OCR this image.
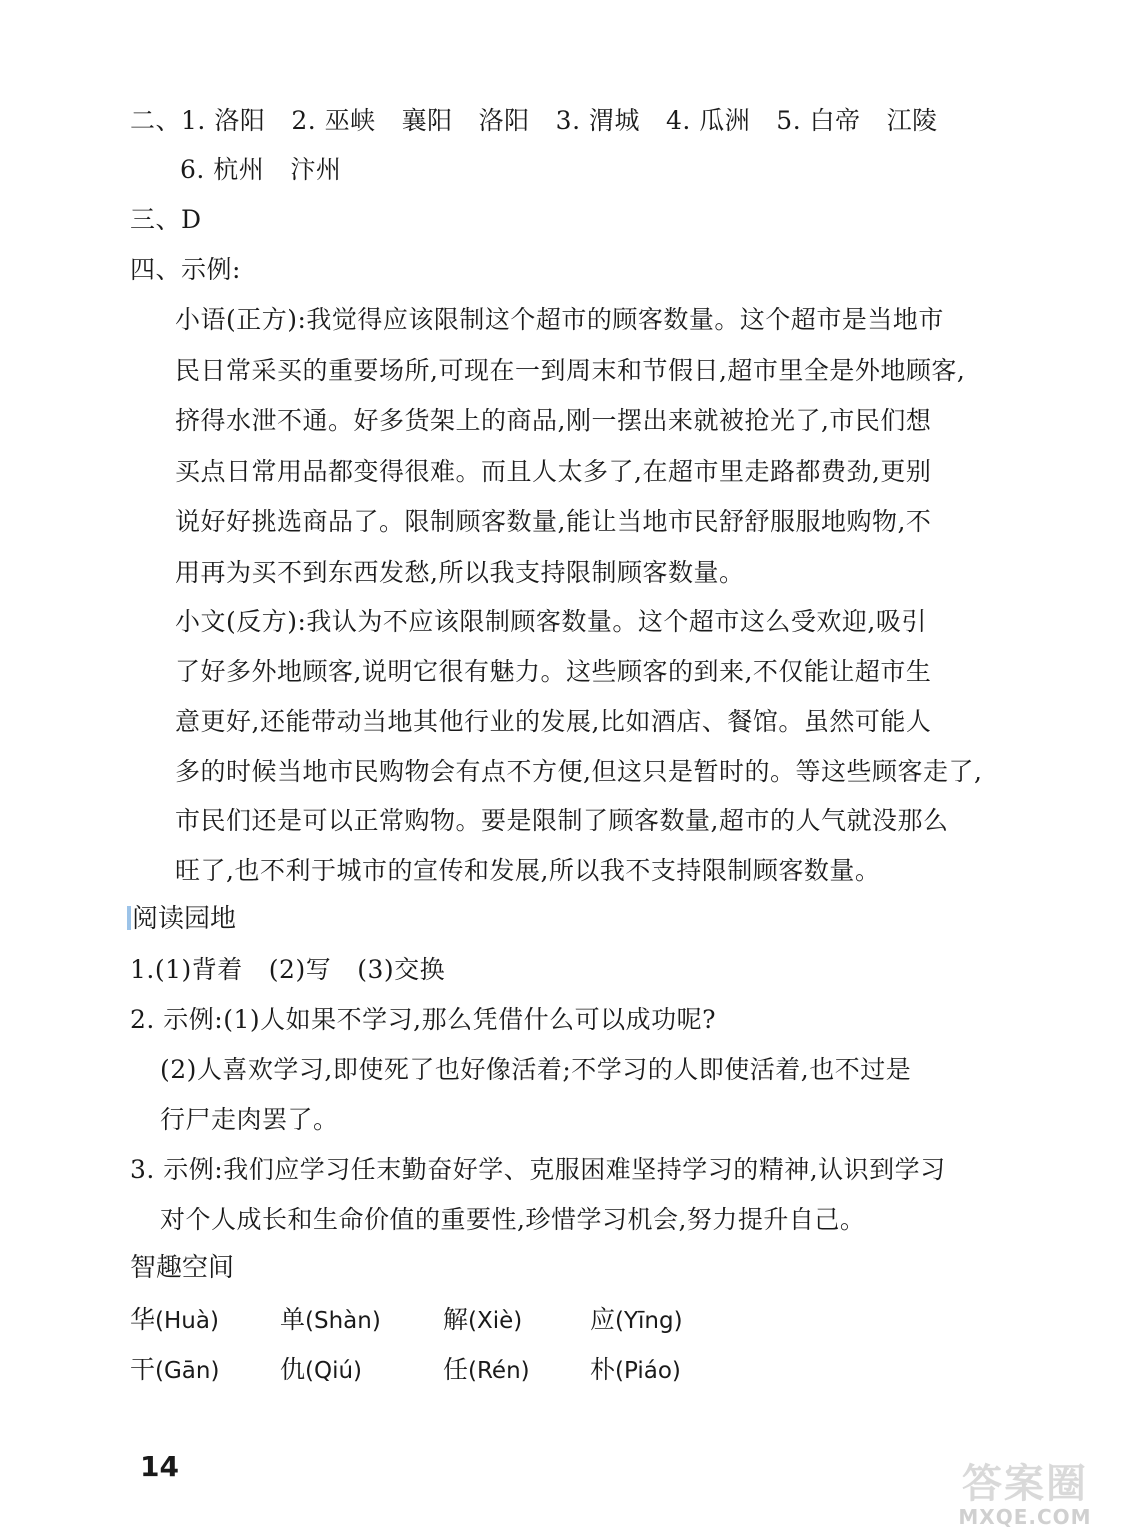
二、1. 洛阳 2. 巫峡 襄阳 洛阳 3. 渭城 4. 瓜洲 5. 白帝 江陵
6. 杭州 汴州
三、D
四、示例:
小语(正方):我觉得应该限制这个超市的顾客数量。这个超市是当地市
民日常采买的重要场所,可现在一到周末和节假日,超市里全是外地顾客,
挤得水泄不通。好多货架上的商品,刚一摆出来就被抢光了,市民们想
买点日常用品都变得很难。而且人太多了,在超市里走路都费劲,更别
说好好挑选商品了。限制顾客数量,能让当地市民舒舒服服地购物,不
用再为买不到东西发愁,所以我支持限制顾客数量。
小文(反方):我认为不应该限制顾客数量。这个超市这么受欢迎,吸引
了好多外地顾客,说明它很有魅力。这些顾客的到来,不仅能让超市生
意更好,还能带动当地其他行业的发展,比如酒店、餐馆。虽然可能人
多的时候当地市民购物会有点不方便,但这只是暂时的。等这些顾客走了,
市民们还是可以正常购物。要是限制了顾客数量,超市的人气就没那么
旺了,也不利于城市的宣传和发展,所以我不支持限制顾客数量。
阅读园地
1.(1)背着 (2)写 (3)交换
2. 示例:(1)人如果不学习,那么凭借什么可以成功呢?
(2)人喜欢学习,即使死了也好像活着;不学习的人即使活着,也不过是
行尸走肉罢了。
3. 示例:我们应学习任末勤奋好学、克服困难坚持学习的精神,认识到学习
对个人成长和生命价值的重要性,珍惜学习机会,努力提升自己。
智趣空间
华(Huà) 单(Shàn) 解(Xiè)	应(Yīng)
干(Gān) 仇(Qiú)	任(Rén) 朴(Piáo)
14	答案圈
MXQE.COM
